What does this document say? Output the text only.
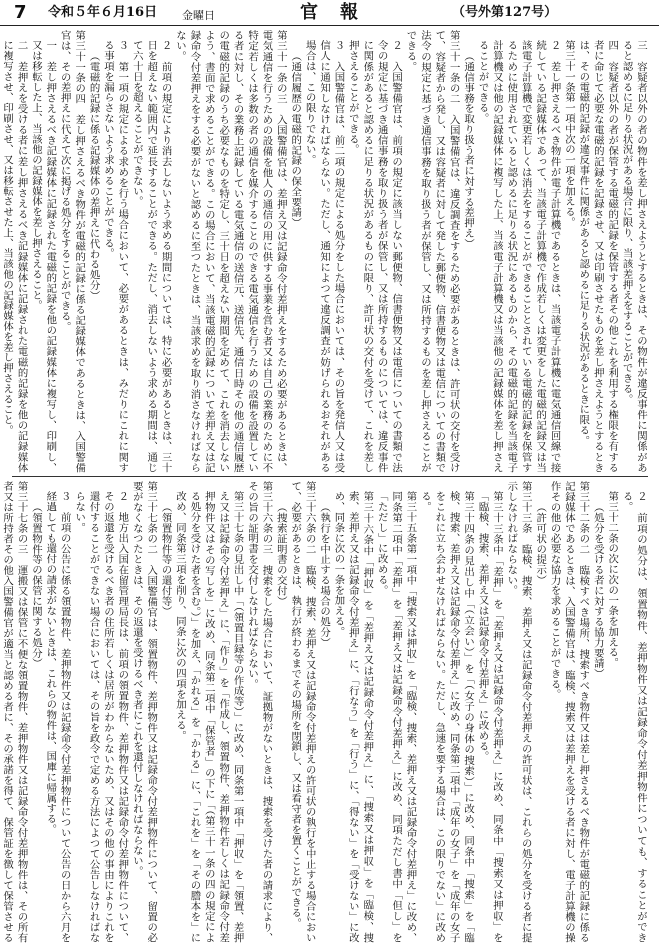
7 令和５年６月16日 金曜日	官報	（号外第127号）

三　容疑者以外の者の物件を差し押さえようとするときは、その物件が違反事件に関係があると認めるに足りる状況がある場合に限り、当該差押えをすることができる。

四　容疑者以外の者が保管する電磁的記録を保管する者その他これを利用する権限を有する者に命じて必要な電磁的記録を記録させ、又は印刷させたものを差し押さえようとするときは、その電磁的記録が違反事件に関係があると認めるに足りる状況があるときに限る。

第三十一条第一項中次の一項を加える。

２　差し押さえるべき物件が電子計算機であるときは、当該電子計算機に電気通信回線で接続している記録媒体であって、当該電子計算機で作成若しくは変更をした電磁的記録又は当該電子計算機で変更若しくは消去をすることができることとされている電磁的記録を保管するために使用されていると認めるに足りる状況にあるものから、その電磁的記録を当該電子計算機又は他の記録媒体に複写した上、当該電子計算機又は当該他の記録媒体を差し押さえることができる。

（通信事務を取り扱う者に対する差押え）

第三十一条の二　入国警備官は、違反調査をするため必要があるときは、許可状の交付を受けて、容疑者から発し、又は容疑者に対して発した郵便物、信書便物又は電信についての書類で法令の規定に基づき通信事務を取り扱う者が保管し、又は所持するものを差し押さえることができる。

２　入国警備官は、前項の規定に該当しない郵便物、信書便物又は電信についての書類で法令の規定に基づき通信事務を取り扱う者が保管し、又は所持するものについては、違反事件に関係があると認めるに足りる状況があるものに限り、許可状の交付を受けて、これを差し押さえることができる。

３　入国警備官は、前二項の規定による処分をした場合においては、その旨を発信人又は受信人に通知しなければならない。ただし、通知によつて違反調査が妨げられるおそれがある場合は、この限りでない。

（通信履歴の電磁的記録の保全要請）

第三十一条の三　入国警備官は、差押え又は記録命令付差押えをするため必要があるときは、電気通信を行うための設備を他人の通信の用に供する事業を営む者又は自己の業務のために不特定若しくは多数の者の通信を媒介することのできる電気通信を行うための設備を設置している者に対し、その業務上記録している電気通信の送信元、送信先、通信日時その他の通信履歴の電磁的記録のうち必要なものを特定し、三十日を超えない期間を定めて、これを消去しないよう、書面で求めることができる。この場合において、当該電磁的記録について差押え又は記録命令付差押えをする必要がないと認めるに至つたときは、当該求めを取り消さなければならない。

２　前項の規定により消去しないよう求める期間については、特に必要があるときは、三十日を超えない範囲内で延長することができる。ただし、消去しないよう求める期間は、通じて六十日を超えることができない。

３　第一項の規定による求めを行う場合において、必要があるときは、みだりにこれに関する事項を漏らさないよう求めることができる。

（電磁的記録に係る記録媒体の差押えに代わる処分）

第三十一条の四　差し押さえるべき物件が電磁的記録に係る記録媒体であるときは、入国警備官は、その差押えに代えて次に掲げる処分をすることができる。

一　差し押さえるべき記録媒体に記録された電磁的記録を他の記録媒体に複写し、印刷し、又は移転した上、当該他の記録媒体を差し押さえること。

二　差押えを受ける者に差し押さえるべき記録媒体に記録された電磁的記録を他の記録媒体に複写させ、印刷させ、又は移転させた上、当該他の記録媒体を差し押さえること。

２　前項の処分は、領置物件、差押物件又は記録命令付差押物件についても、することができる。

第三十二条の次に次の一条を加える。

（処分を受ける者に対する協力要請）

第三十二条の二　臨検すべき場所、捜索すべき物件又は差し押さえるべき物件が電磁的記録に係る記録媒体であるときは、入国警備官は、臨検、捜索又は差押えを受ける者に対し、電子計算機の操作その他の必要な協力を求めることができる。

（許可状の提示）

第三十三条　臨検、捜索、差押え又は記録命令付差押えの許可状は、これらの処分を受ける者に提示しなければならない。

第三十三条中「差押」を「差押え又は記録命令付差押え」に改め、同条中「捜索又は押収」を「臨検、捜索、差押え又は記録命令付差押え」に改める。

第三十四条の見出し中「（立会い）」を「（女子の身体の捜索）」に改め、同条中「捜索」を「臨検、捜索、差押え又は記録命令付差押え」に改め、同条第二項中「成年の女子」を「成年の女子をこれに立ち会わせなければならない。ただし、急速を要する場合は、この限りでない」に改める。

第三十五条第一項中「捜索又は押収」を「臨検、捜索、差押え又は記録命令付差押え」に改め、同条第二項中「差押」を「差押え又は記録命令付差押え」に改め、同項ただし書中「但し」を「ただし」に改める。

第三十六条中「押収」を「差押え又は記録命令付差押え」に、「捜索又は押収」を「臨検、捜索、差押え又は記録命令付差押え」に、「行なう」を「行う」に、「得ない」を「受けない」に改め、同条に次の一条を加える。

（執行を中止する場合の処分）

第三十六条の二　臨検、捜索、差押え又は記録命令付差押えの許可状の執行を中止する場合において、必要があるときは、執行が終わるまでその場所を閉鎖し、又は看守者を置くことができる。

（捜索証明書の交付）

第三十六条の三　捜索をした場合において、証拠物がないときは、捜索を受けた者の請求により、その旨の証明書を交付しなければならない。

第三十七条の見出し中「（領置目録等の作成等）」に改め、同条第一項中「押収」を「領置、差押え又は記録命令付差押え」に、「作り」を「作成し、領置物件、差押物件若しくは記録命令付差押物件又はその写しを」に改め、同条第二項中「保管者」の下に「（第三十一条の四の規定による処分を受けた者を含む。）」を加え、「かれる」を「かわる」に、「これを」を「その謄本を」に改め、同条第三項を削り、同条に次の四項を加える。

（領置物件等の還付等）

第三十七条の二　入国警備官は、領置物件、差押物件又は記録命令付差押物件について、留置の必要がなくなつたときは、その返還を受けるべき者にこれを還付しなければならない。

２　地方出入国在留管理局長は、前項の領置物件、差押物件又は記録命令付差押物件について、その返還を受けるべき者の住所若しくは居所がわからないため、又はその他の事由によりこれを還付することができない場合においては、その旨を政令で定める方法によつて公告しなければならない。

３　前項の公告に係る領置物件、差押物件又は記録命令付差押物件について公告の日から六月を経過しても還付の請求がないときは、これらの物件は、国庫に帰属する。

（領置物件等の保管に関する処分）

第三十七条の三　運搬又は保管に不便な領置物件、差押物件又は記録命令付差押物件は、その所有者又は所持者その他入国警備官が適当と認める者に、その承諾を得て、保管証を徴して保管させる
